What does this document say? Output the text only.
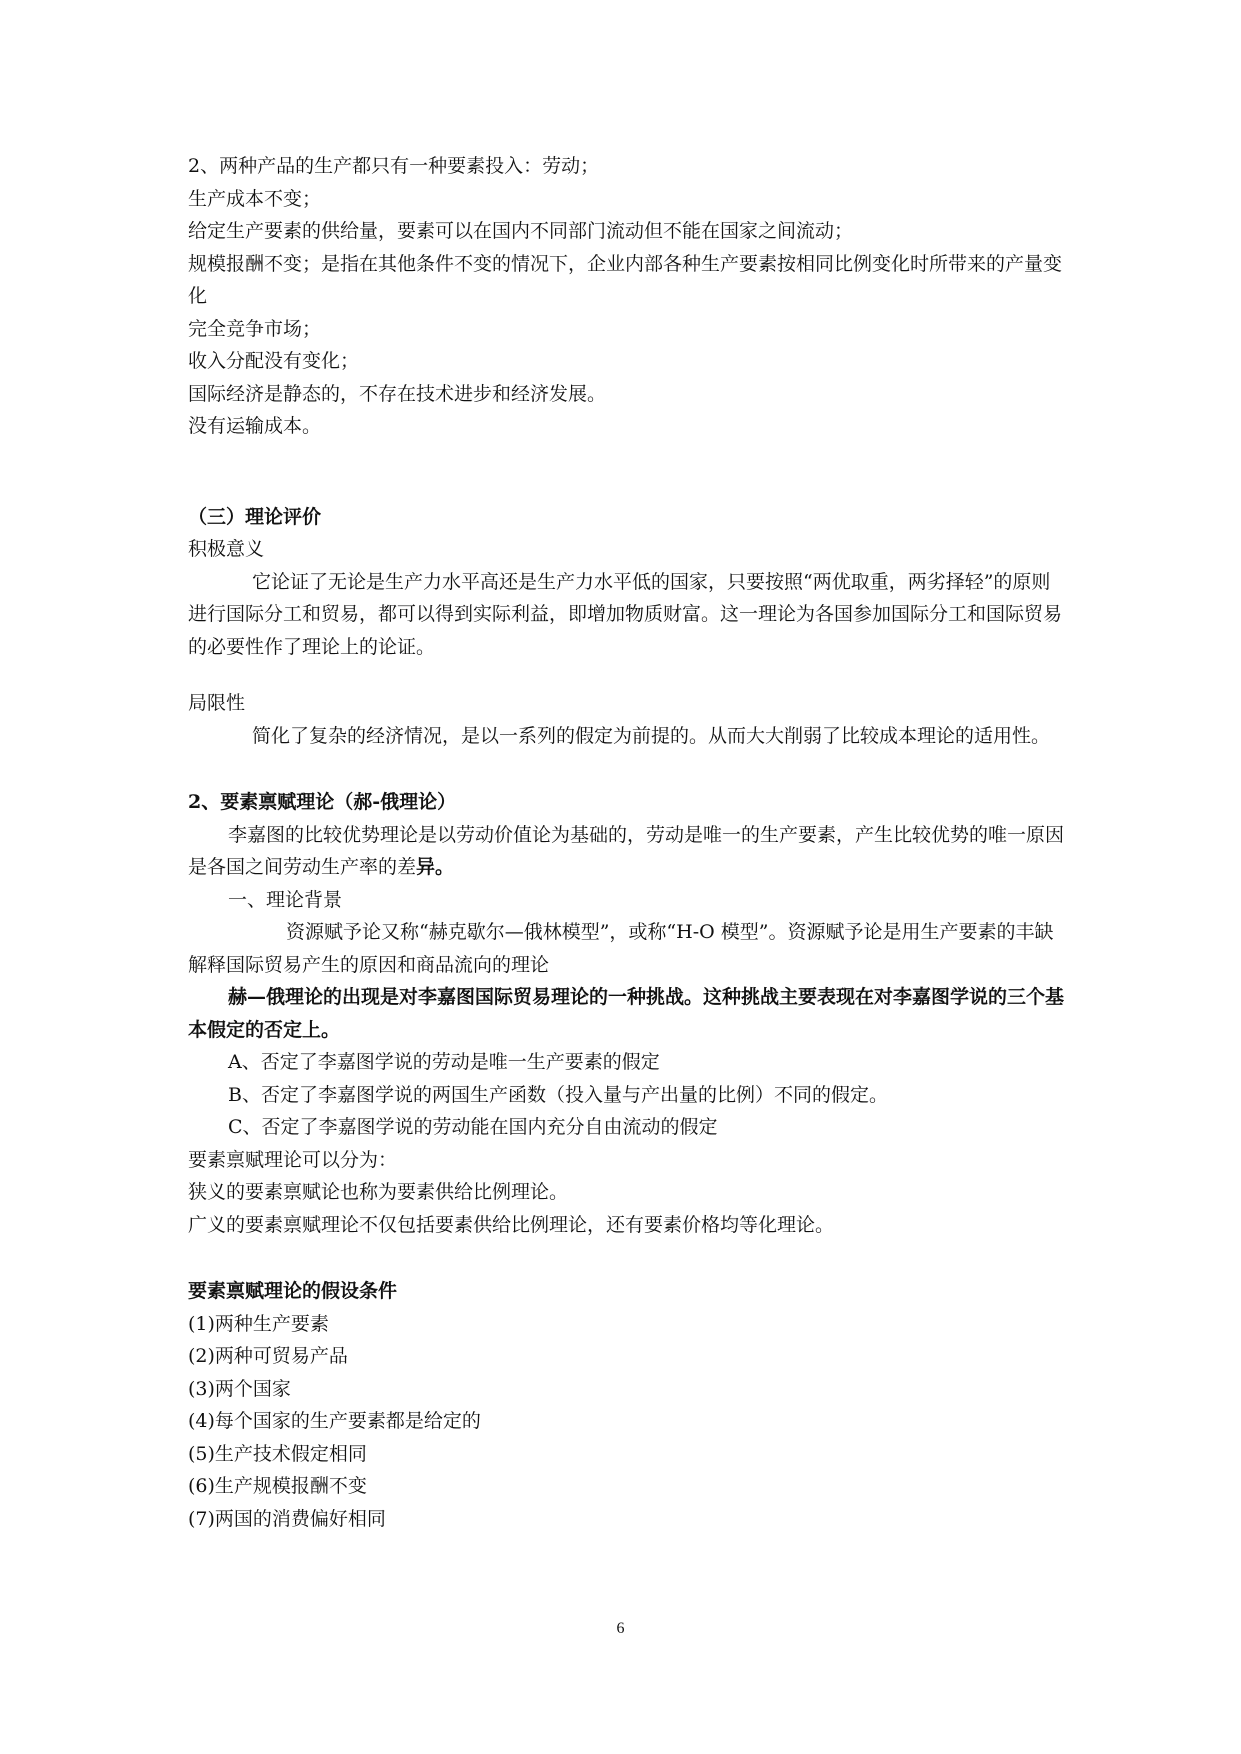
2、两种产品的生产都只有一种要素投入：劳动；

生产成本不变；

给定生产要素的供给量，要素可以在国内不同部门流动但不能在国家之间流动；

规模报酬不变；是指在其他条件不变的情况下，企业内部各种生产要素按相同比例变化时所带来的产量变化

完全竞争市场；

收入分配没有变化；

国际经济是静态的，不存在技术进步和经济发展。

没有运输成本。

（三）理论评价

积极意义

它论证了无论是生产力水平高还是生产力水平低的国家，只要按照“两优取重，两劣择轻”的原则进行国际分工和贸易，都可以得到实际利益，即增加物质财富。这一理论为各国参加国际分工和国际贸易的必要性作了理论上的论证。

局限性

简化了复杂的经济情况，是以一系列的假定为前提的。从而大大削弱了比较成本理论的适用性。

2、要素禀赋理论（郝-俄理论）

李嘉图的比较优势理论是以劳动价值论为基础的，劳动是唯一的生产要素，产生比较优势的唯一原因是各国之间劳动生产率的差异。

一、理论背景

资源赋予论又称“赫克歇尔—俄林模型”，或称“H-O 模型”。资源赋予论是用生产要素的丰缺解释国际贸易产生的原因和商品流向的理论

赫—俄理论的出现是对李嘉图国际贸易理论的一种挑战。这种挑战主要表现在对李嘉图学说的三个基本假定的否定上。

A、否定了李嘉图学说的劳动是唯一生产要素的假定

B、否定了李嘉图学说的两国生产函数（投入量与产出量的比例）不同的假定。

C、否定了李嘉图学说的劳动能在国内充分自由流动的假定

要素禀赋理论可以分为：

狭义的要素禀赋论也称为要素供给比例理论。

广义的要素禀赋理论不仅包括要素供给比例理论，还有要素价格均等化理论。

要素禀赋理论的假设条件

(1)两种生产要素

(2)两种可贸易产品

(3)两个国家

(4)每个国家的生产要素都是给定的

(5)生产技术假定相同

(6)生产规模报酬不变

(7)两国的消费偏好相同

6
